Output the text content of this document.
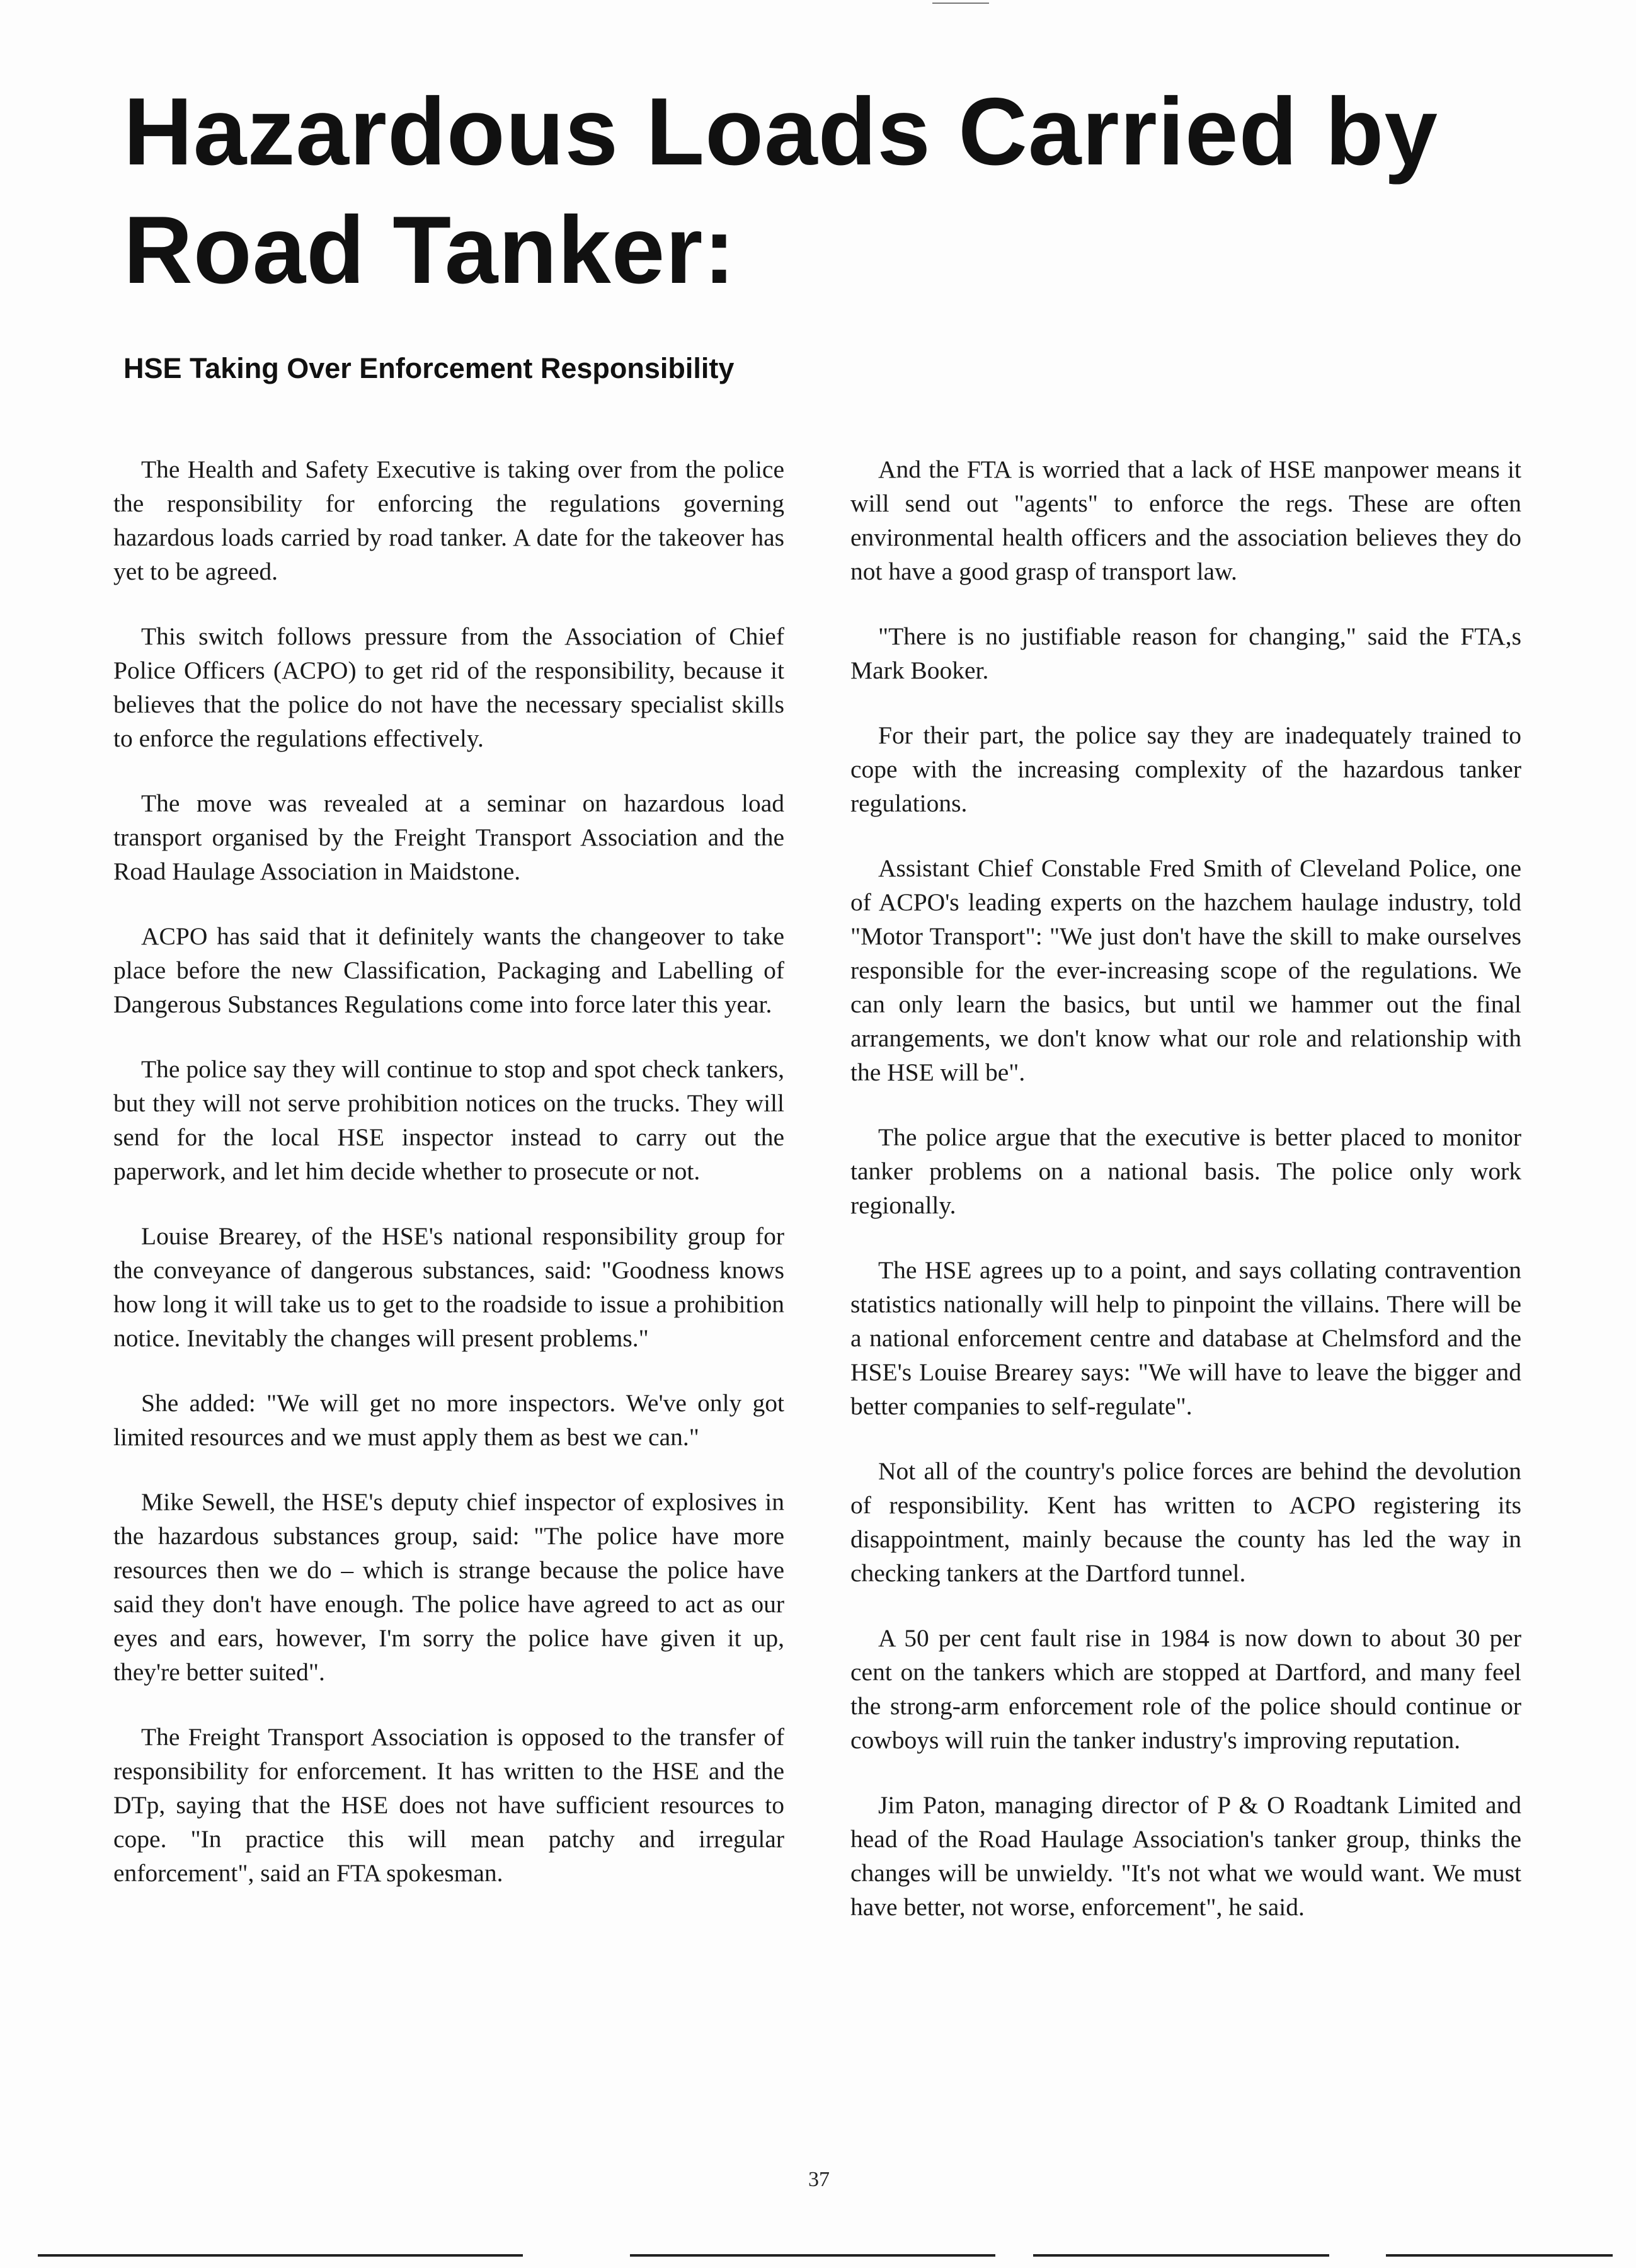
Hazardous Loads Carried by Road Tanker:
HSE Taking Over Enforcement Responsibility

The Health and Safety Executive is taking over from the police the responsibility for enforcing the regulations governing hazardous loads carried by road tanker. A date for the takeover has yet to be agreed.

This switch follows pressure from the Association of Chief Police Officers (ACPO) to get rid of the responsibility, because it believes that the police do not have the necessary specialist skills to enforce the regulations effectively.

The move was revealed at a seminar on hazardous load transport organised by the Freight Transport Association and the Road Haulage Association in Maidstone.

ACPO has said that it definitely wants the changeover to take place before the new Classification, Packaging and Labelling of Dangerous Substances Regulations come into force later this year.

The police say they will continue to stop and spot check tankers, but they will not serve prohibition notices on the trucks. They will send for the local HSE inspector instead to carry out the paperwork, and let him decide whether to prosecute or not.

Louise Brearey, of the HSE's national responsibility group for the conveyance of dangerous substances, said: "Goodness knows how long it will take us to get to the roadside to issue a prohibition notice. Inevitably the changes will present problems."

She added: "We will get no more inspectors. We've only got limited resources and we must apply them as best we can."

Mike Sewell, the HSE's deputy chief inspector of explosives in the hazardous substances group, said: "The police have more resources then we do – which is strange because the police have said they don't have enough. The police have agreed to act as our eyes and ears, however, I'm sorry the police have given it up, they're better suited".

The Freight Transport Association is opposed to the transfer of responsibility for enforcement. It has written to the HSE and the DTp, saying that the HSE does not have sufficient resources to cope. "In practice this will mean patchy and irregular enforcement", said an FTA spokesman.

And the FTA is worried that a lack of HSE manpower means it will send out "agents" to enforce the regs. These are often environmental health officers and the association believes they do not have a good grasp of transport law.

"There is no justifiable reason for changing," said the FTA,s Mark Booker.

For their part, the police say they are inadequately trained to cope with the increasing complexity of the hazardous tanker regulations.

Assistant Chief Constable Fred Smith of Cleveland Police, one of ACPO's leading experts on the hazchem haulage industry, told "Motor Transport": "We just don't have the skill to make ourselves responsible for the ever-increasing scope of the regulations. We can only learn the basics, but until we hammer out the final arrangements, we don't know what our role and relationship with the HSE will be".

The police argue that the executive is better placed to monitor tanker problems on a national basis. The police only work regionally.

The HSE agrees up to a point, and says collating contravention statistics nationally will help to pinpoint the villains. There will be a national enforcement centre and database at Chelmsford and the HSE's Louise Brearey says: "We will have to leave the bigger and better companies to self-regulate".

Not all of the country's police forces are behind the devolution of responsibility. Kent has written to ACPO registering its disappointment, mainly because the county has led the way in checking tankers at the Dartford tunnel.

A 50 per cent fault rise in 1984 is now down to about 30 per cent on the tankers which are stopped at Dartford, and many feel the strong-arm enforcement role of the police should continue or cowboys will ruin the tanker industry's improving reputation.

Jim Paton, managing director of P & O Roadtank Limited and head of the Road Haulage Association's tanker group, thinks the changes will be unwieldy. "It's not what we would want. We must have better, not worse, enforcement", he said.

37
